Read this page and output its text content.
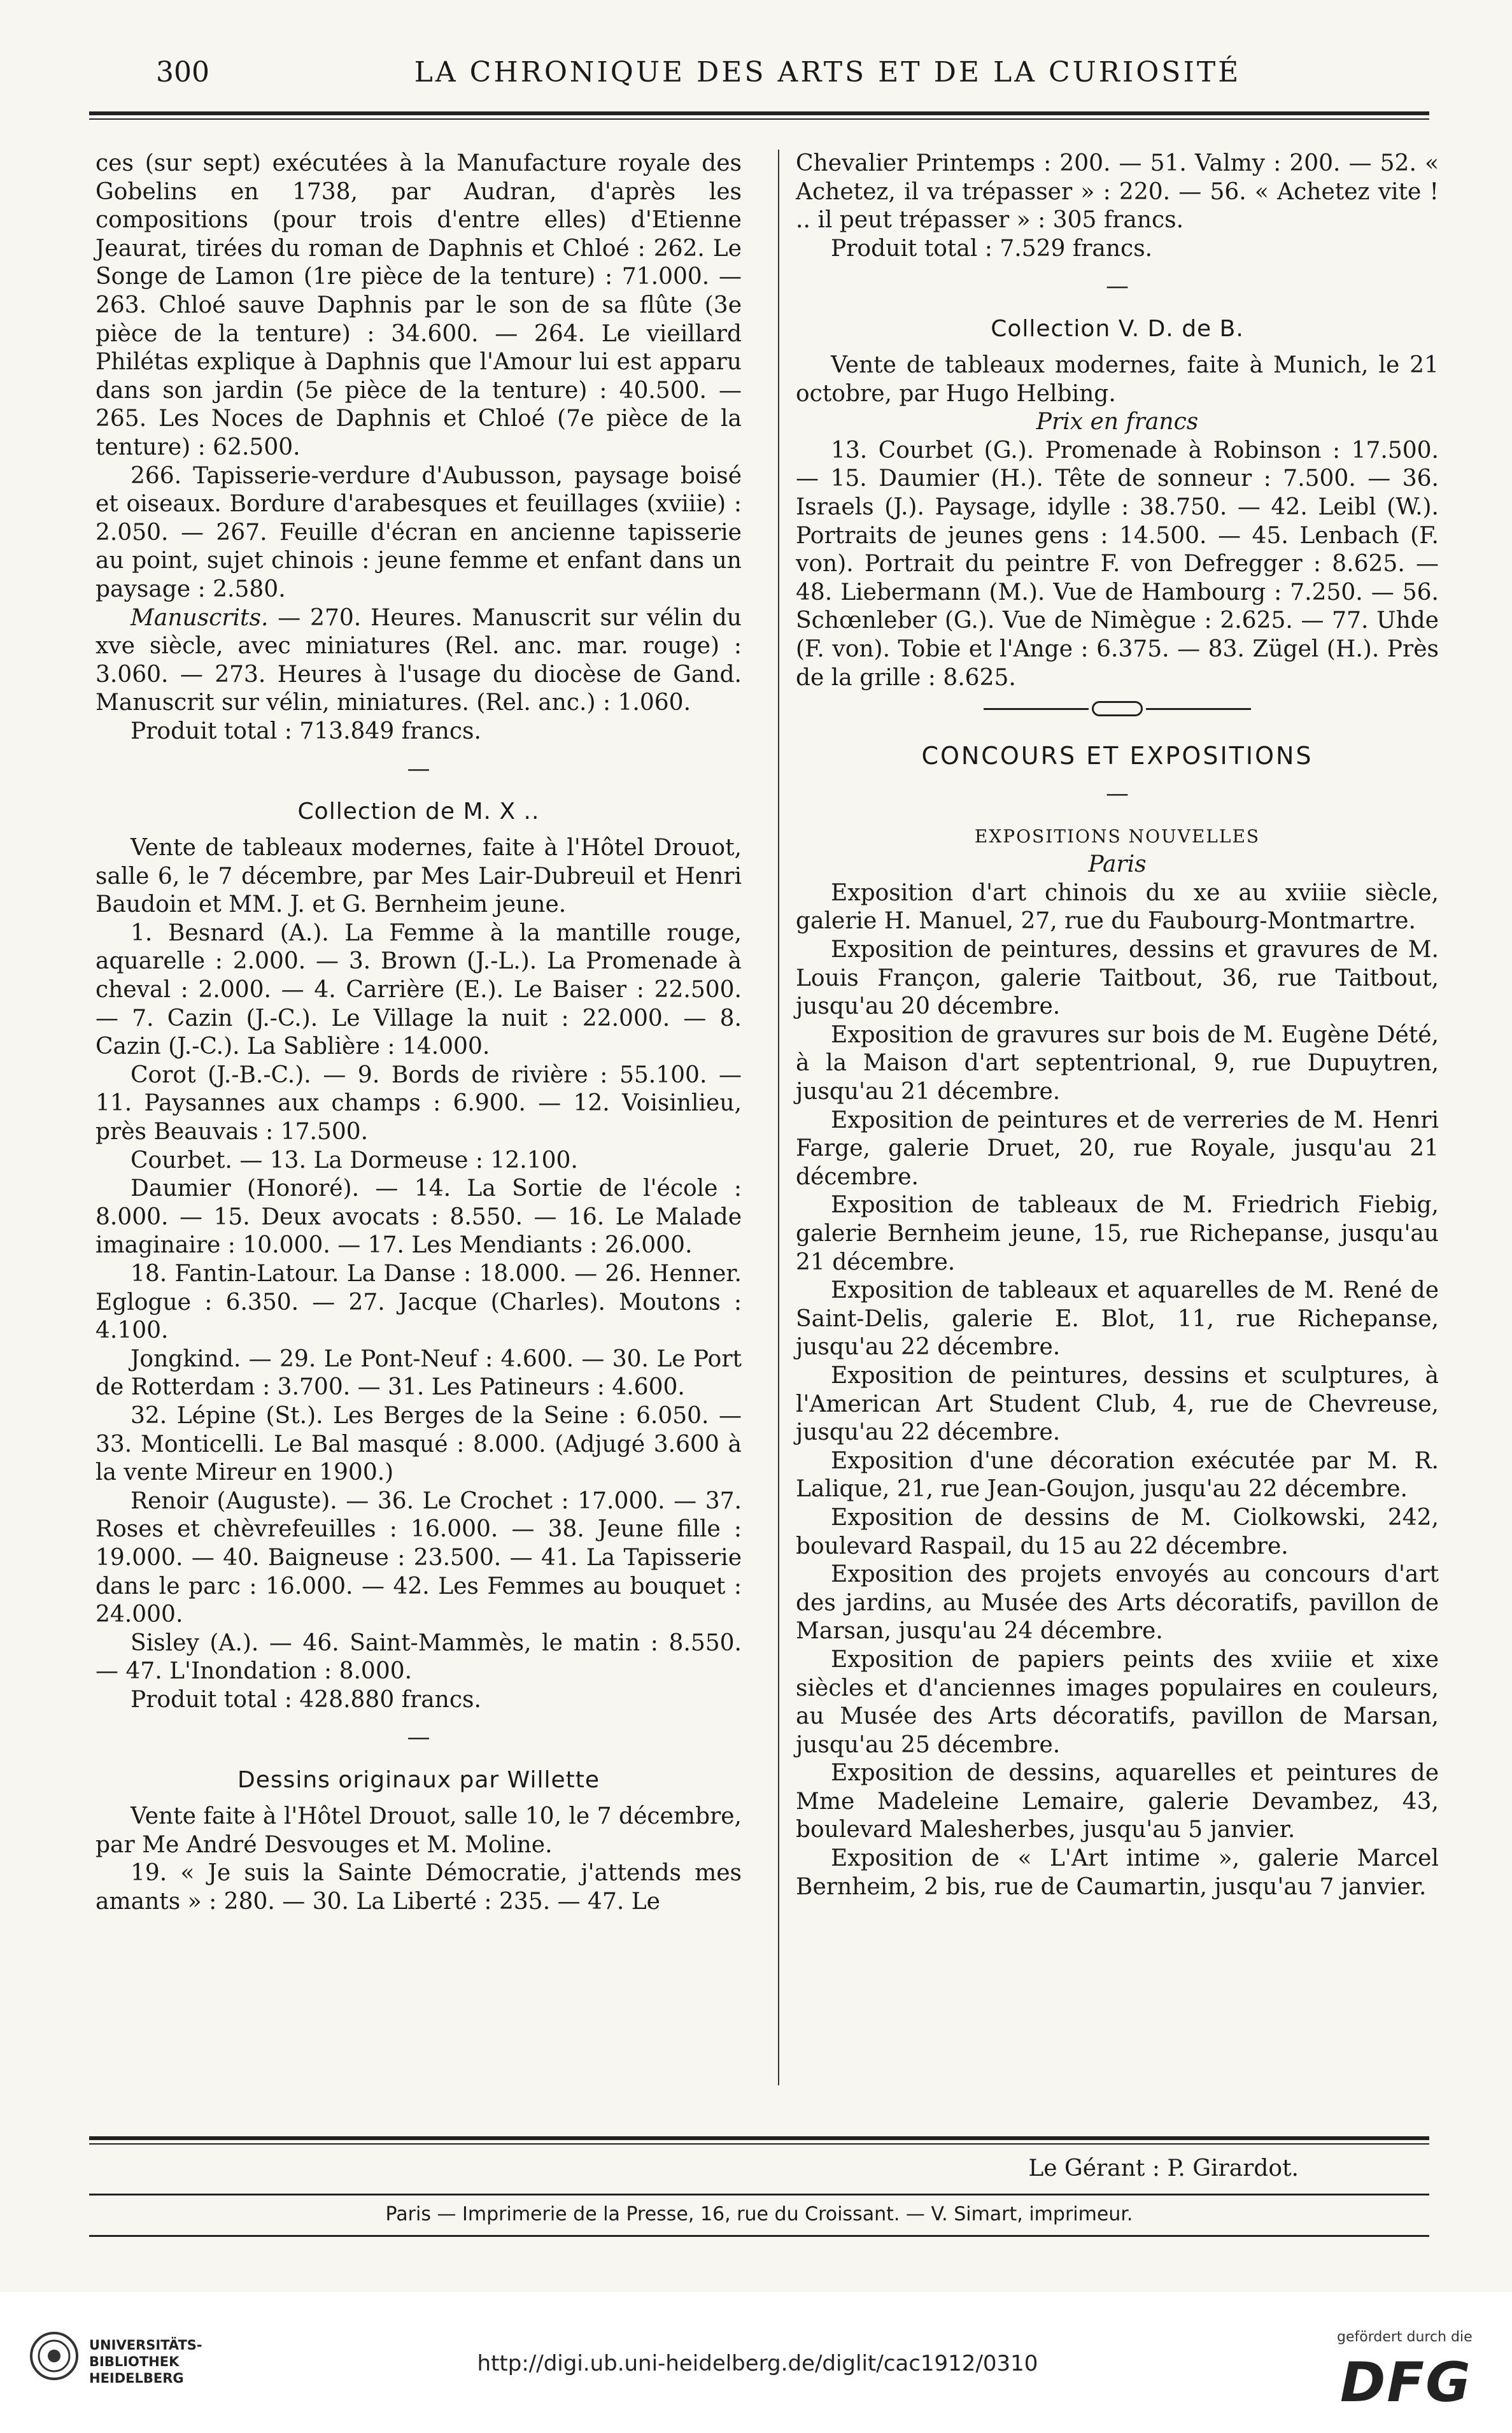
300	LA CHRONIQUE DES ARTS ET DE LA CURIOSITÉ

ces (sur sept) exécutées à la Manufacture royale des Gobelins en 1738, par Audran, d'après les compositions (pour trois d'entre elles) d'Etienne Jeaurat, tirées du roman de Daphnis et Chloé : 262. Le Songe de Lamon (1re pièce de la tenture) : 71.000. — 263. Chloé sauve Daphnis par le son de sa flûte (3e pièce de la tenture) : 34.600. — 264. Le vieillard Philétas explique à Daphnis que l'Amour lui est apparu dans son jardin (5e pièce de la tenture) : 40.500. — 265. Les Noces de Daphnis et Chloé (7e pièce de la tenture) : 62.500.

266. Tapisserie-verdure d'Aubusson, paysage boisé et oiseaux. Bordure d'arabesques et feuillages (xviiie) : 2.050. — 267. Feuille d'écran en ancienne tapisserie au point, sujet chinois : jeune femme et enfant dans un paysage : 2.580.

Manuscrits. — 270. Heures. Manuscrit sur vélin du xve siècle, avec miniatures (Rel. anc. mar. rouge) : 3.060. — 273. Heures à l'usage du diocèse de Gand. Manuscrit sur vélin, miniatures. (Rel. anc.) : 1.060.

Produit total : 713.849 francs.

—
Collection de M. X ..

Vente de tableaux modernes, faite à l'Hôtel Drouot, salle 6, le 7 décembre, par Mes Lair-Dubreuil et Henri Baudoin et MM. J. et G. Bernheim jeune.

1. Besnard (A.). La Femme à la mantille rouge, aquarelle : 2.000. — 3. Brown (J.-L.). La Promenade à cheval : 2.000. — 4. Carrière (E.). Le Baiser : 22.500. — 7. Cazin (J.-C.). Le Village la nuit : 22.000. — 8. Cazin (J.-C.). La Sablière : 14.000.

Corot (J.-B.-C.). — 9. Bords de rivière : 55.100. — 11. Paysannes aux champs : 6.900. — 12. Voisinlieu, près Beauvais : 17.500.

Courbet. — 13. La Dormeuse : 12.100.

Daumier (Honoré). — 14. La Sortie de l'école : 8.000. — 15. Deux avocats : 8.550. — 16. Le Malade imaginaire : 10.000. — 17. Les Mendiants : 26.000.

18. Fantin-Latour. La Danse : 18.000. — 26. Henner. Eglogue : 6.350. — 27. Jacque (Charles). Moutons : 4.100.

Jongkind. — 29. Le Pont-Neuf : 4.600. — 30. Le Port de Rotterdam : 3.700. — 31. Les Patineurs : 4.600.

32. Lépine (St.). Les Berges de la Seine : 6.050. — 33. Monticelli. Le Bal masqué : 8.000. (Adjugé 3.600 à la vente Mireur en 1900.)

Renoir (Auguste). — 36. Le Crochet : 17.000. — 37. Roses et chèvrefeuilles : 16.000. — 38. Jeune fille : 19.000. — 40. Baigneuse : 23.500. — 41. La Tapisserie dans le parc : 16.000. — 42. Les Femmes au bouquet : 24.000.

Sisley (A.). — 46. Saint-Mammès, le matin : 8.550. — 47. L'Inondation : 8.000.

Produit total : 428.880 francs.

—
Dessins originaux par Willette

Vente faite à l'Hôtel Drouot, salle 10, le 7 décembre, par Me André Desvouges et M. Moline.

19. « Je suis la Sainte Démocratie, j'attends mes amants » : 280. — 30. La Liberté : 235. — 47. Le

Chevalier Printemps : 200. — 51. Valmy : 200. — 52. « Achetez, il va trépasser » : 220. — 56. « Achetez vite ! .. il peut trépasser » : 305 francs.

Produit total : 7.529 francs.

—
Collection V. D. de B.

Vente de tableaux modernes, faite à Munich, le 21 octobre, par Hugo Helbing.

Prix en francs

13. Courbet (G.). Promenade à Robinson : 17.500. — 15. Daumier (H.). Tête de sonneur : 7.500. — 36. Israels (J.). Paysage, idylle : 38.750. — 42. Leibl (W.). Portraits de jeunes gens : 14.500. — 45. Lenbach (F. von). Portrait du peintre F. von Defregger : 8.625. — 48. Liebermann (M.). Vue de Hambourg : 7.250. — 56. Schœnleber (G.). Vue de Nimègue : 2.625. — 77. Uhde (F. von). Tobie et l'Ange : 6.375. — 83. Zügel (H.). Près de la grille : 8.625.

CONCOURS ET EXPOSITIONS
—
EXPOSITIONS NOUVELLES
Paris

Exposition d'art chinois du xe au xviiie siècle, galerie H. Manuel, 27, rue du Faubourg-Montmartre.

Exposition de peintures, dessins et gravures de M. Louis Françon, galerie Taitbout, 36, rue Taitbout, jusqu'au 20 décembre.

Exposition de gravures sur bois de M. Eugène Dété, à la Maison d'art septentrional, 9, rue Dupuytren, jusqu'au 21 décembre.

Exposition de peintures et de verreries de M. Henri Farge, galerie Druet, 20, rue Royale, jusqu'au 21 décembre.

Exposition de tableaux de M. Friedrich Fiebig, galerie Bernheim jeune, 15, rue Richepanse, jusqu'au 21 décembre.

Exposition de tableaux et aquarelles de M. René de Saint-Delis, galerie E. Blot, 11, rue Richepanse, jusqu'au 22 décembre.

Exposition de peintures, dessins et sculptures, à l'American Art Student Club, 4, rue de Chevreuse, jusqu'au 22 décembre.

Exposition d'une décoration exécutée par M. R. Lalique, 21, rue Jean-Goujon, jusqu'au 22 décembre.

Exposition de dessins de M. Ciolkowski, 242, boulevard Raspail, du 15 au 22 décembre.

Exposition des projets envoyés au concours d'art des jardins, au Musée des Arts décoratifs, pavillon de Marsan, jusqu'au 24 décembre.

Exposition de papiers peints des xviiie et xixe siècles et d'anciennes images populaires en couleurs, au Musée des Arts décoratifs, pavillon de Marsan, jusqu'au 25 décembre.

Exposition de dessins, aquarelles et peintures de Mme Madeleine Lemaire, galerie Devambez, 43, boulevard Malesherbes, jusqu'au 5 janvier.

Exposition de « L'Art intime », galerie Marcel Bernheim, 2 bis, rue de Caumartin, jusqu'au 7 janvier.

Le Gérant : P. Girardot.
Paris — Imprimerie de la Presse, 16, rue du Croissant. — V. Simart, imprimeur.
UNIVERSITÄTS-
BIBLIOTHEK
HEIDELBERG
http://digi.ub.uni-heidelberg.de/diglit/cac1912/0310
gefördert durch die
DFG
